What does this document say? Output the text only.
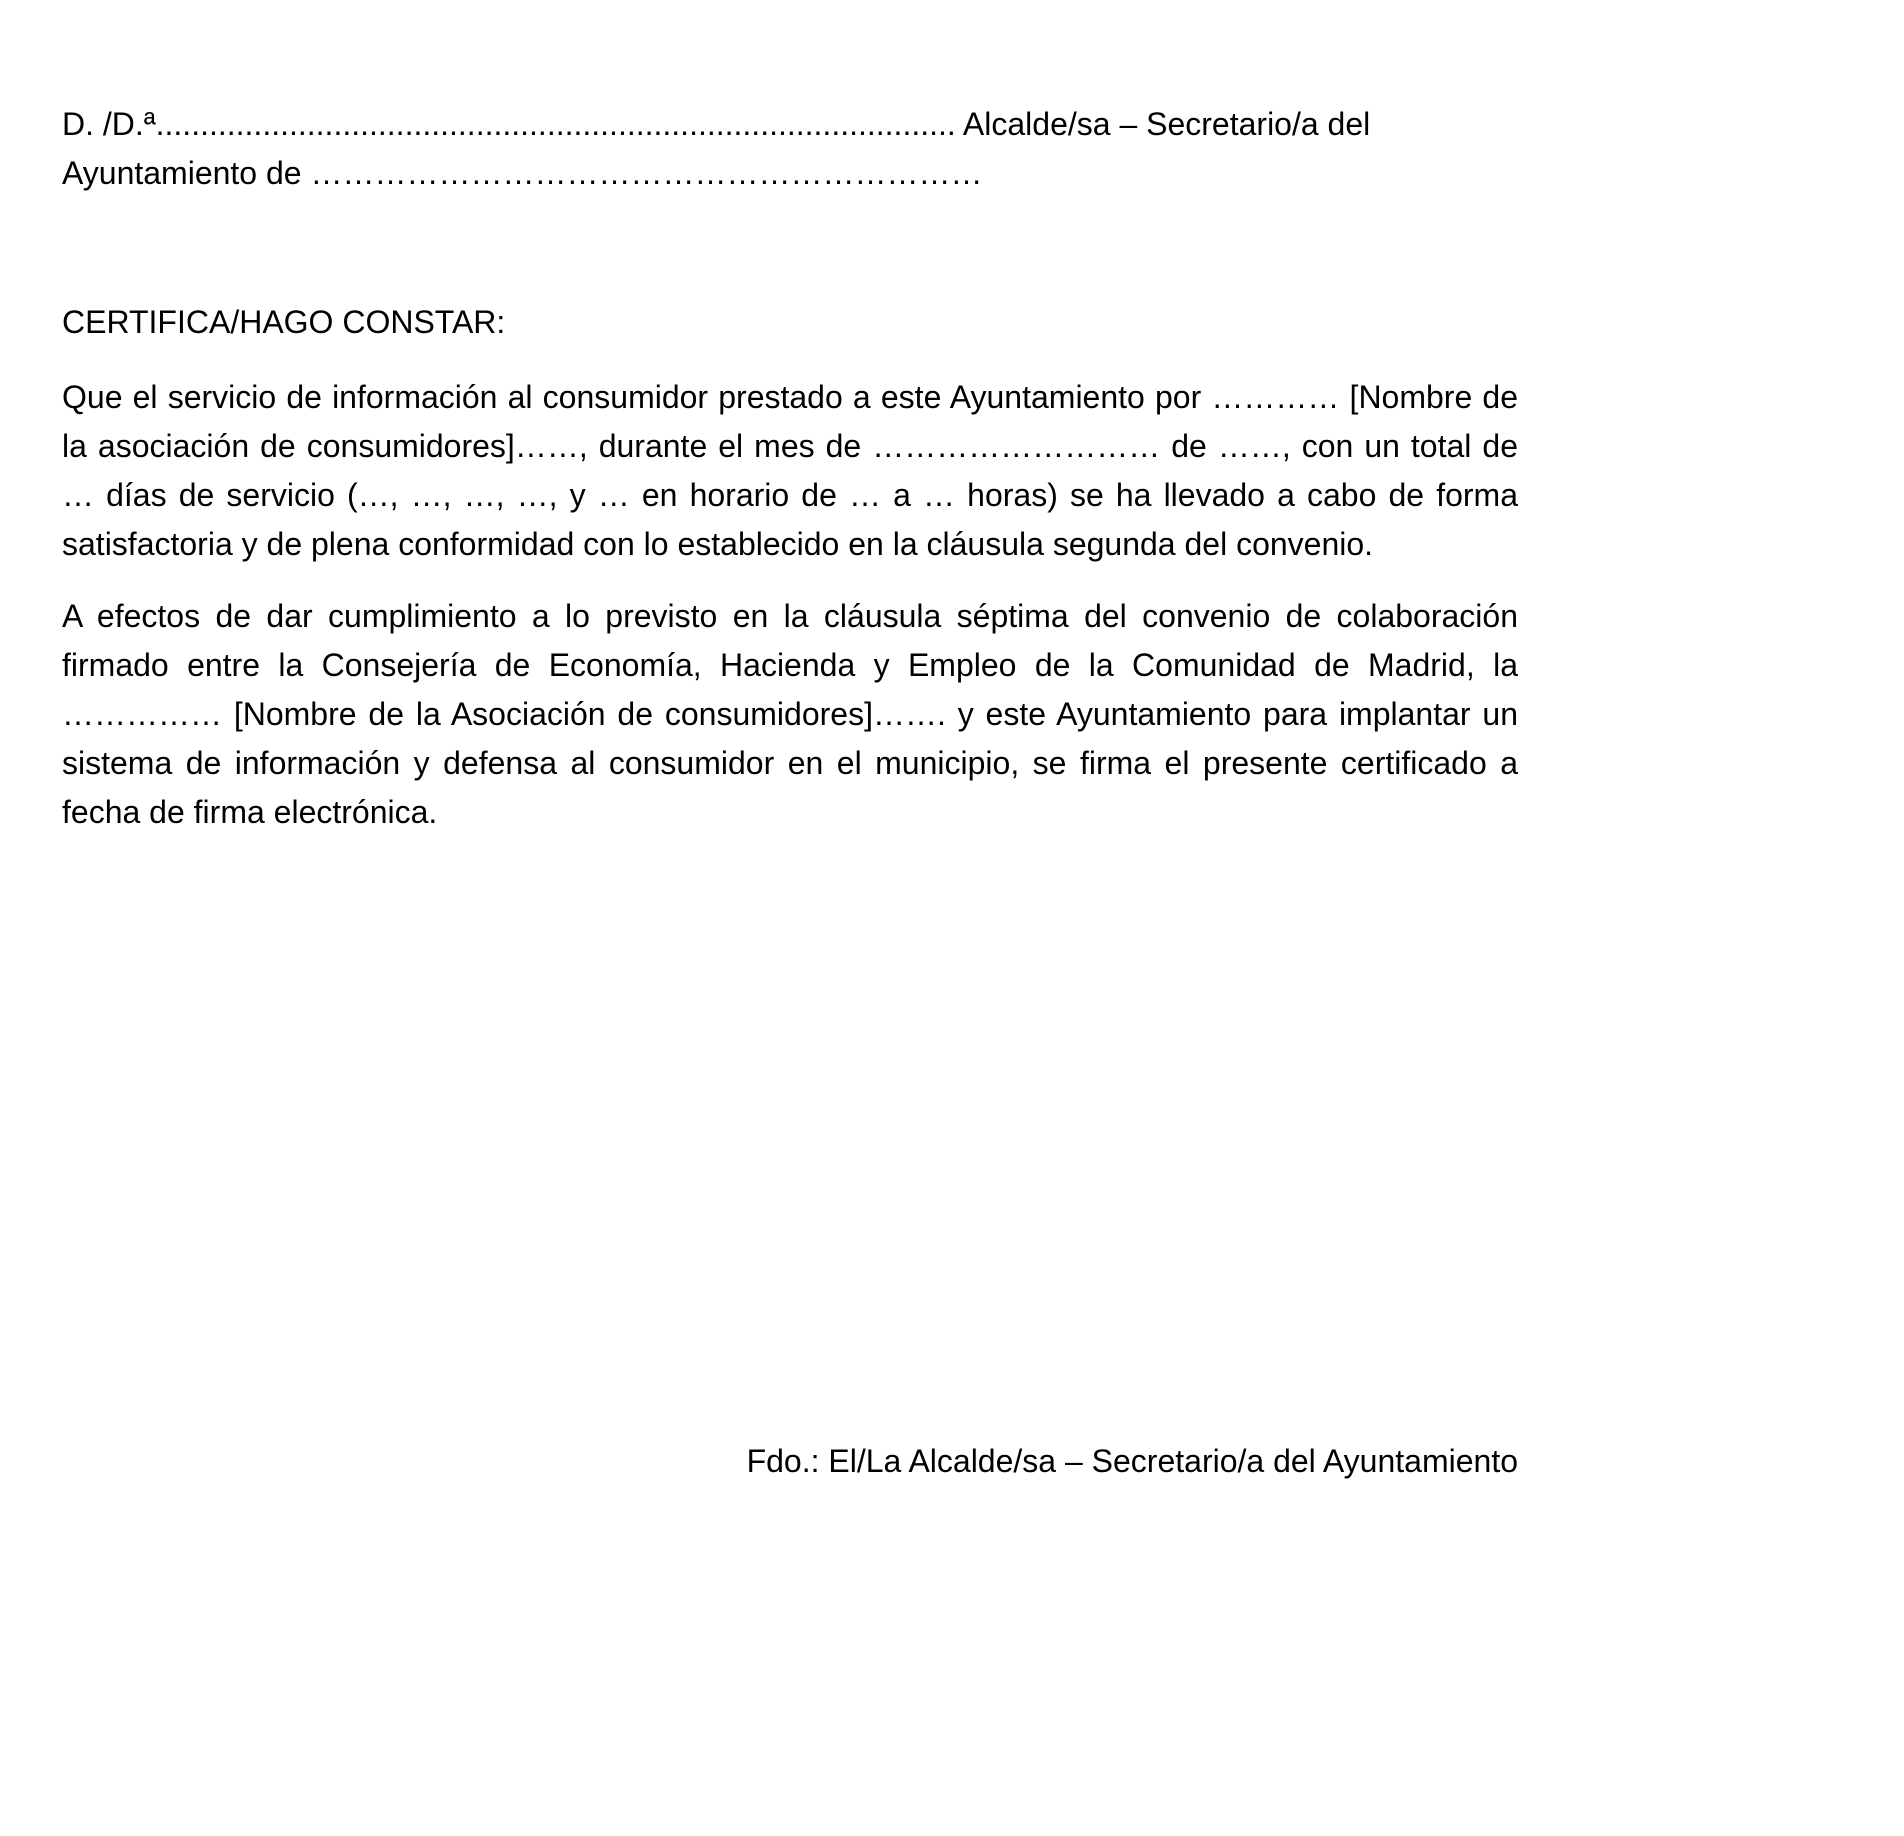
D. /D.ª.......................................................................................... Alcalde/sa – Secretario/a del
Ayuntamiento de ………………………………………………………

CERTIFICA/HAGO CONSTAR:

Que el servicio de información al consumidor prestado a este Ayuntamiento por ………… [Nombre de la asociación de consumidores]……, durante el mes de ……………………… de ……, con un total de … días de servicio (…, …, …, …, y … en horario de … a … horas) se ha llevado a cabo de forma satisfactoria y de plena conformidad con lo establecido en la cláusula segunda del convenio.

A efectos de dar cumplimiento a lo previsto en la cláusula séptima del convenio de colaboración firmado entre la Consejería de Economía, Hacienda y Empleo de la Comunidad de Madrid, la …………… [Nombre de la Asociación de consumidores]……. y este Ayuntamiento para implantar un sistema de información y defensa al consumidor en el municipio, se firma el presente certificado a fecha de firma electrónica.

Fdo.: El/La Alcalde/sa – Secretario/a del Ayuntamiento
